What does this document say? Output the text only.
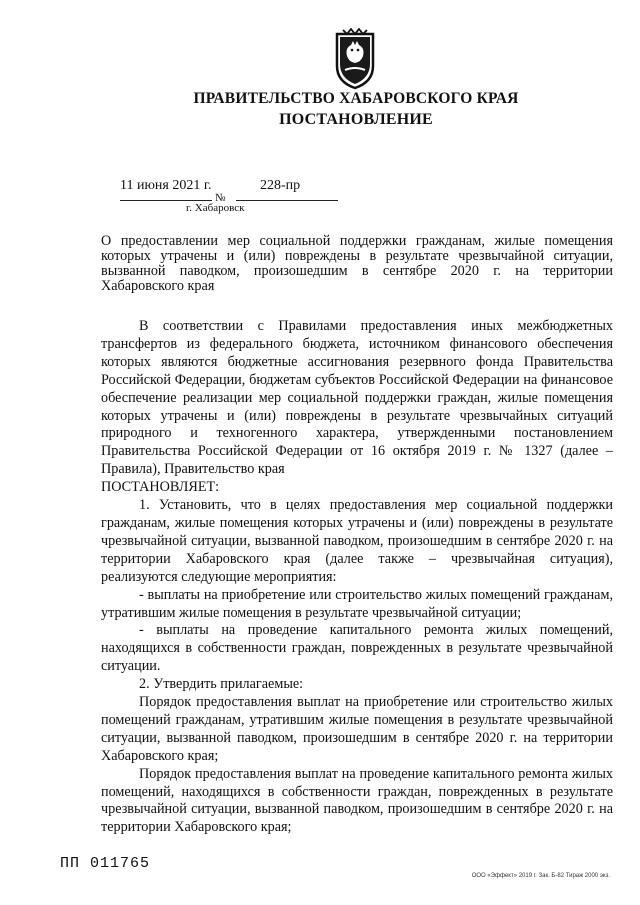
ПРАВИТЕЛЬСТВО ХАБАРОВСКОГО КРАЯ
ПОСТАНОВЛЕНИЕ
11 июня 2021 г.
№
228-пр
г. Хабаровск
О предоставлении мер социальной поддержки гражданам, жилые помещения которых утрачены и (или) повреждены в результате чрезвычайной ситуации, вызванной паводком, произошедшим в сентябре 2020 г. на территории Хабаровского края

В соответствии с Правилами предоставления иных межбюджетных трансфертов из федерального бюджета, источником финансового обеспечения которых являются бюджетные ассигнования резервного фонда Правительства Российской Федерации, бюджетам субъектов Российской Федерации на финансовое обеспечение реализации мер социальной поддержки граждан, жилые помещения которых утрачены и (или) повреждены в результате чрезвычайных ситуаций природного и техногенного характера, утвержденными постановлением Правительства Российской Федерации от 16 октября 2019 г. № 1327 (далее – Правила), Правительство края

ПОСТАНОВЛЯЕТ:

1. Установить, что в целях предоставления мер социальной поддержки гражданам, жилые помещения которых утрачены и (или) повреждены в результате чрезвычайной ситуации, вызванной паводком, произошедшим в сентябре 2020 г. на территории Хабаровского края (далее также – чрезвычайная ситуация), реализуются следующие мероприятия:

- выплаты на приобретение или строительство жилых помещений гражданам, утратившим жилые помещения в результате чрезвычайной ситуации;

- выплаты на проведение капитального ремонта жилых помещений, находящихся в собственности граждан, поврежденных в результате чрезвычайной ситуации.

2. Утвердить прилагаемые:

Порядок предоставления выплат на приобретение или строительство жилых помещений гражданам, утратившим жилые помещения в результате чрезвычайной ситуации, вызванной паводком, произошедшим в сентябре 2020 г. на территории Хабаровского края;

Порядок предоставления выплат на проведение капитального ремонта жилых помещений, находящихся в собственности граждан, поврежденных в результате чрезвычайной ситуации, вызванной паводком, произошедшим в сентябре 2020 г. на территории Хабаровского края;

ПП 011765
ООО «Эффект» 2019 г. Зак. Б-82 Тираж 2000 экз.
